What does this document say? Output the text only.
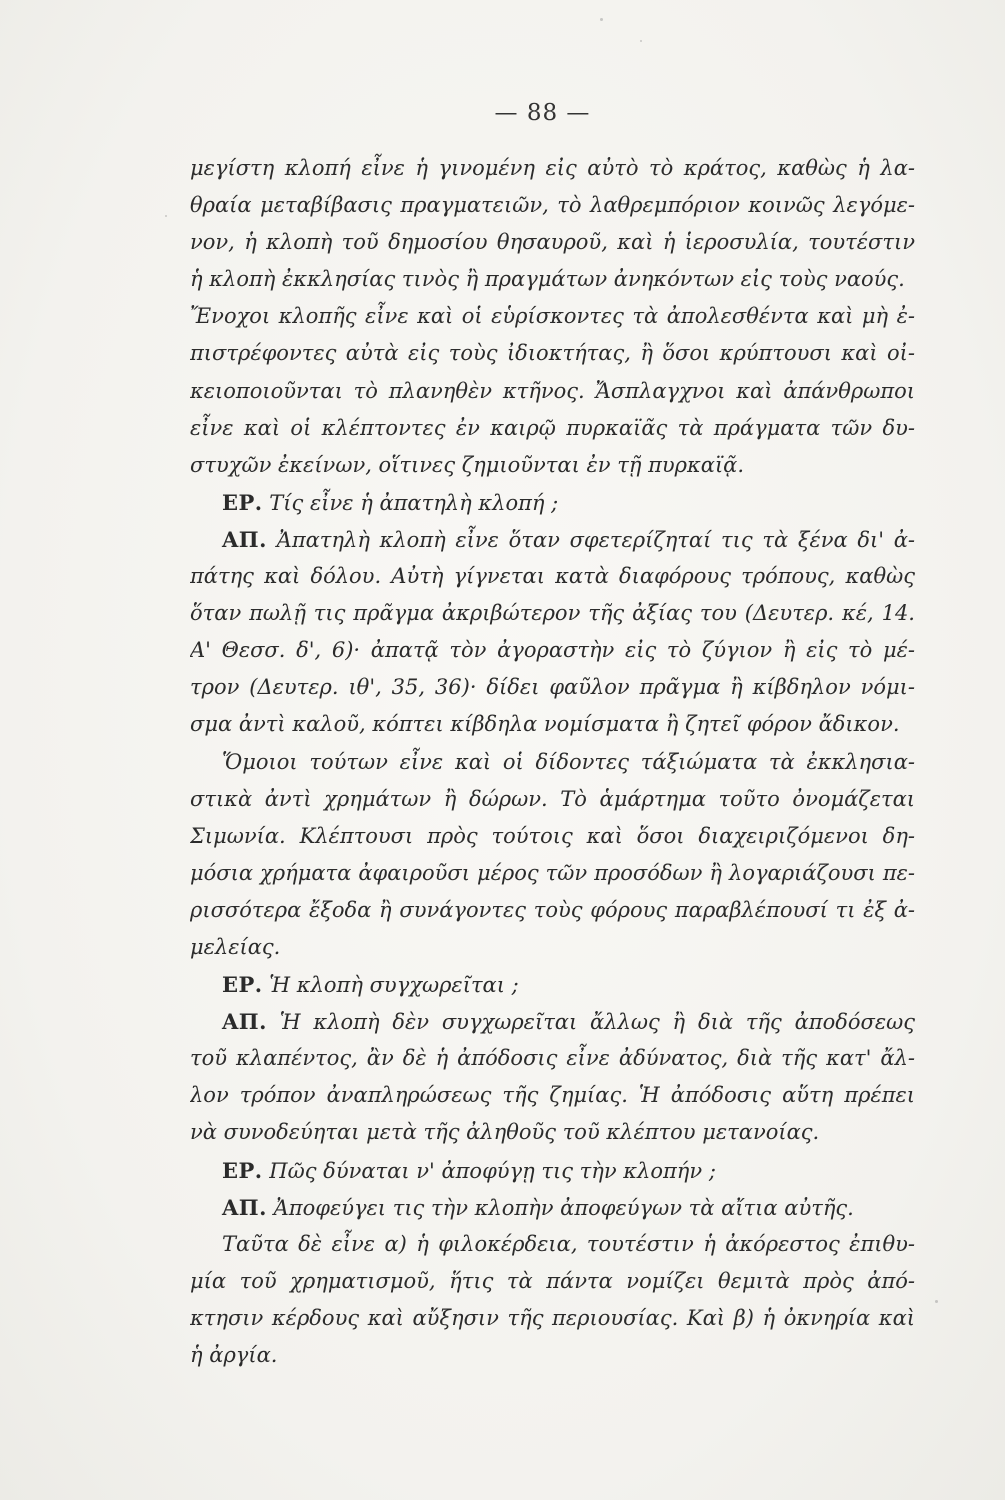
— 88 —
μεγίστη κλοπή εἶνε ἡ γινομένη εἰς αὐτὸ τὸ κράτος, καθὼς ἡ λα-
θραία μεταβίβασις πραγματειῶν, τὸ λαθρεμπόριον κοινῶς λεγόμε-
νον, ἡ κλοπὴ τοῦ δημοσίου θησαυροῦ, καὶ ἡ ἱεροσυλία, τουτέστιν
ἡ κλοπὴ ἐκκλησίας τινὸς ἢ πραγμάτων ἀνηκόντων εἰς τοὺς ναούς.
Ἔνοχοι κλοπῆς εἶνε καὶ οἱ εὑρίσκοντες τὰ ἀπολεσθέντα καὶ μὴ ἐ-
πιστρέφοντες αὐτὰ εἰς τοὺς ἰδιοκτήτας, ἢ ὅσοι κρύπτουσι καὶ οἰ-
κειοποιοῦνται τὸ πλανηθὲν κτῆνος. Ἄσπλαγχνοι καὶ ἀπάνθρωποι
εἶνε καὶ οἱ κλέπτοντες ἐν καιρῷ πυρκαϊᾶς τὰ πράγματα τῶν δυ-
στυχῶν ἐκείνων, οἵτινες ζημιοῦνται ἐν τῇ πυρκαϊᾷ.
ΕΡ. Τίς εἶνε ἡ ἀπατηλὴ κλοπή ;
ΑΠ. Ἀπατηλὴ κλοπὴ εἶνε ὅταν σφετερίζηταί τις τὰ ξένα δι' ἀ-
πάτης καὶ δόλου. Αὐτὴ γίγνεται κατὰ διαφόρους τρόπους, καθὼς
ὅταν πωλῇ τις πρᾶγμα ἀκριβώτερον τῆς ἀξίας του (Δευτερ. κέ, 14.
Α' Θεσσ. δ', 6)· ἀπατᾷ τὸν ἀγοραστὴν εἰς τὸ ζύγιον ἢ εἰς τὸ μέ-
τρον (Δευτερ. ιθ', 35, 36)· δίδει φαῦλον πρᾶγμα ἢ κίβδηλον νόμι-
σμα ἀντὶ καλοῦ, κόπτει κίβδηλα νομίσματα ἢ ζητεῖ φόρον ἄδικον.
Ὅμοιοι τούτων εἶνε καὶ οἱ δίδοντες τάξιώματα τὰ ἐκκλησια-
στικὰ ἀντὶ χρημάτων ἢ δώρων. Τὸ ἁμάρτημα τοῦτο ὀνομάζεται
Σιμωνία. Κλέπτουσι πρὸς τούτοις καὶ ὅσοι διαχειριζόμενοι δη-
μόσια χρήματα ἀφαιροῦσι μέρος τῶν προσόδων ἢ λογαριάζουσι πε-
ρισσότερα ἔξοδα ἢ συνάγοντες τοὺς φόρους παραβλέπουσί τι ἐξ ἀ-
μελείας.
ΕΡ. Ἡ κλοπὴ συγχωρεῖται ;
ΑΠ. Ἡ κλοπὴ δὲν συγχωρεῖται ἄλλως ἢ διὰ τῆς ἀποδόσεως
τοῦ κλαπέντος, ἂν δὲ ἡ ἀπόδοσις εἶνε ἀδύνατος, διὰ τῆς κατ' ἄλ-
λον τρόπον ἀναπληρώσεως τῆς ζημίας. Ἡ ἀπόδοσις αὕτη πρέπει
νὰ συνοδεύηται μετὰ τῆς ἀληθοῦς τοῦ κλέπτου μετανοίας.
ΕΡ. Πῶς δύναται ν' ἀποφύγῃ τις τὴν κλοπήν ;
ΑΠ. Ἀποφεύγει τις τὴν κλοπὴν ἀποφεύγων τὰ αἴτια αὐτῆς.
Ταῦτα δὲ εἶνε α) ἡ φιλοκέρδεια, τουτέστιν ἡ ἀκόρεστος ἐπιθυ-
μία τοῦ χρηματισμοῦ, ἥτις τὰ πάντα νομίζει θεμιτὰ πρὸς ἀπό-
κτησιν κέρδους καὶ αὔξησιν τῆς περιουσίας. Καὶ β) ἡ ὀκνηρία καὶ
ἡ ἀργία.
